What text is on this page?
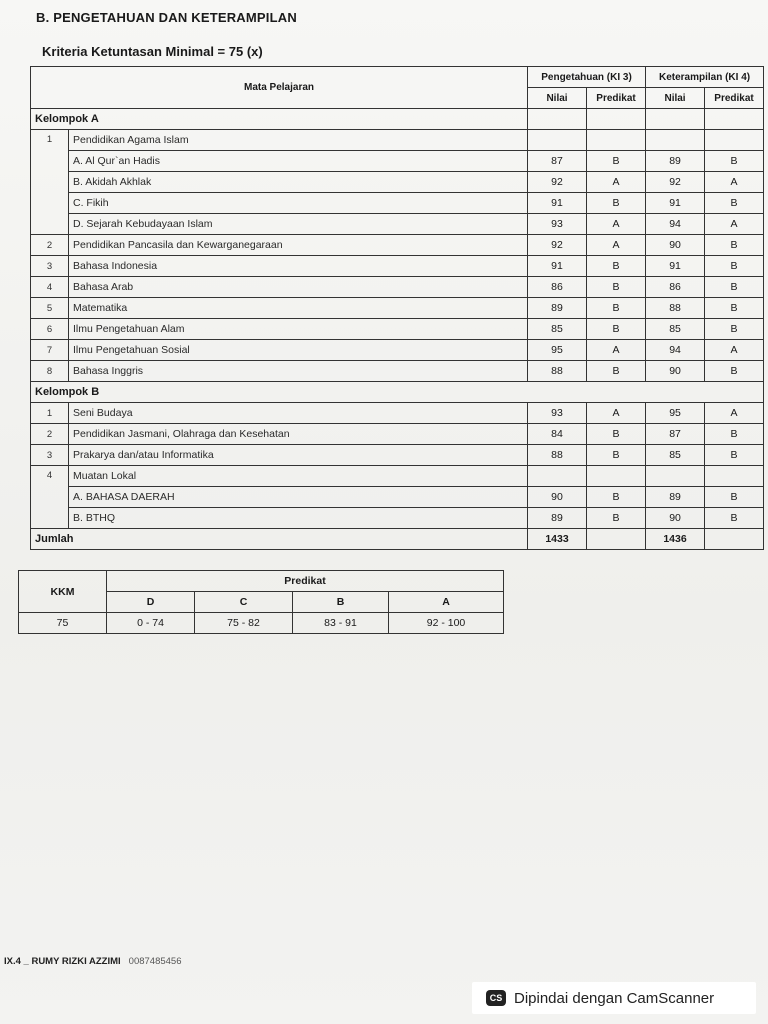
B. PENGETAHUAN DAN KETERAMPILAN
Kriteria Ketuntasan Minimal = 75 (x)
Mata Pelajaran		Pengetahuan (KI 3)		Keterampilan (KI 4)	
		Nilai	Predikat	Nilai	Predikat
Kelompok A					
1	Pendidikan Agama Islam				
	A. Al Qur`an Hadis	87	B	89	B
	B. Akidah Akhlak	92	A	92	A
	C. Fikih	91	B	91	B
	D. Sejarah Kebudayaan Islam	93	A	94	A
2	Pendidikan Pancasila dan Kewarganegaraan	92	A	90	B
3	Bahasa Indonesia	91	B	91	B
4	Bahasa Arab	86	B	86	B
5	Matematika	89	B	88	B
6	Ilmu Pengetahuan Alam	85	B	85	B
7	Ilmu Pengetahuan Sosial	95	A	94	A
8	Bahasa Inggris	88	B	90	B
Kelompok B					
1	Seni Budaya	93	A	95	A
2	Pendidikan Jasmani, Olahraga dan Kesehatan	84	B	87	B
3	Prakarya dan/atau Informatika	88	B	85	B
4	Muatan Lokal				
	A. BAHASA DAERAH	90	B	89	B
	B. BTHQ	89	B	90	B
Jumlah		1433		1436	
KKM	Predikat			
	D	C	B	A
75	0 - 74	75 - 82	83 - 91	92 - 100
IX.4 _ RUMY RIZKI AZZIMI 0087485456
CS Dipindai dengan CamScanner
